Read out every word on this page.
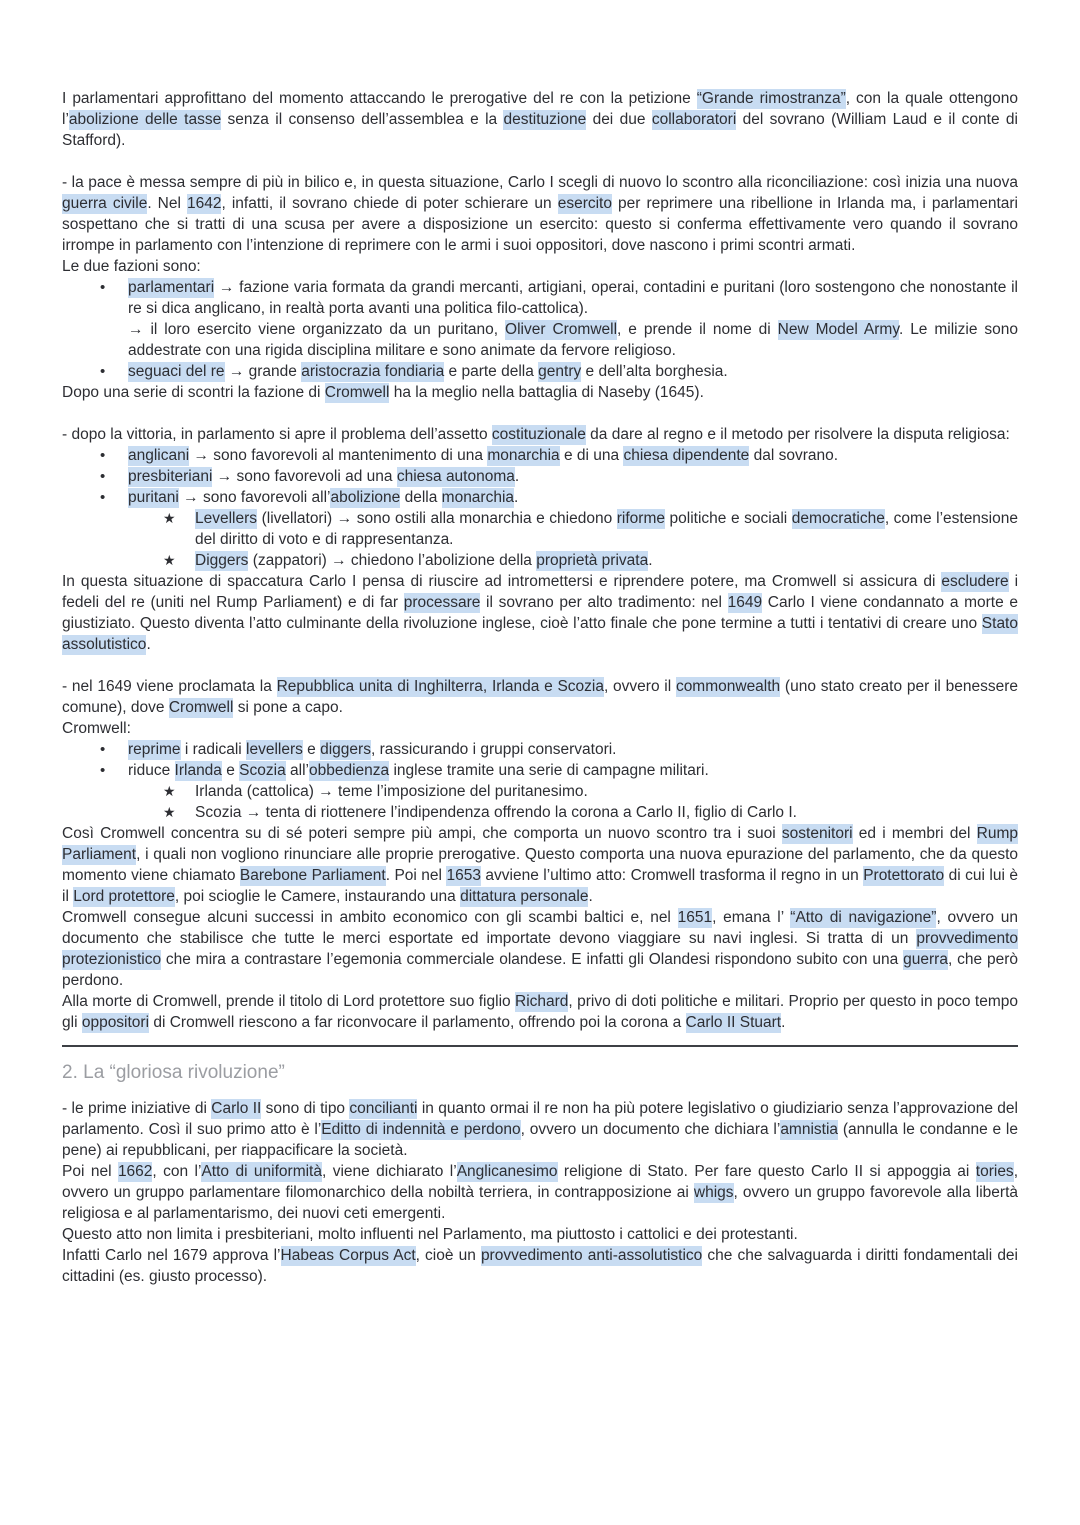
I parlamentari approfittano del momento attaccando le prerogative del re con la petizione “Grande rimostranza”, con la quale ottengono l’abolizione delle tasse senza il consenso dell’assemblea e la destituzione dei due collaboratori del sovrano (William Laud e il conte di Stafford).
- la pace è messa sempre di più in bilico e, in questa situazione, Carlo I scegli di nuovo lo scontro alla riconciliazione: così inizia una nuova guerra civile. Nel 1642, infatti, il sovrano chiede di poter schierare un esercito per reprimere una ribellione in Irlanda ma, i parlamentari sospettano che si tratti di una scusa per avere a disposizione un esercito: questo si conferma effettivamente vero quando il sovrano irrompe in parlamento con l’intenzione di reprimere con le armi i suoi oppositori, dove nascono i primi scontri armati.
Le due fazioni sono:
•	parlamentari → fazione varia formata da grandi mercanti, artigiani, operai, contadini e puritani (loro sostengono che nonostante il re si dica anglicano, in realtà porta avanti una politica filo-cattolica).
→ il loro esercito viene organizzato da un puritano, Oliver Cromwell, e prende il nome di New Model Army. Le milizie sono addestrate con una rigida disciplina militare e sono animate da fervore religioso.
•	seguaci del re → grande aristocrazia fondiaria e parte della gentry e dell’alta borghesia.
Dopo una serie di scontri la fazione di Cromwell ha la meglio nella battaglia di Naseby (1645).
- dopo la vittoria, in parlamento si apre il problema dell’assetto costituzionale da dare al regno e il metodo per risolvere la disputa religiosa:
•	anglicani → sono favorevoli al mantenimento di una monarchia e di una chiesa dipendente dal sovrano.
•	presbiteriani → sono favorevoli ad una chiesa autonoma.
•	puritani → sono favorevoli all’abolizione della monarchia.
★	Levellers (livellatori) → sono ostili alla monarchia e chiedono riforme politiche e sociali democratiche, come l’estensione del diritto di voto e di rappresentanza.
★	Diggers (zappatori) → chiedono l’abolizione della proprietà privata.
In questa situazione di spaccatura Carlo I pensa di riuscire ad intromettersi e riprendere potere, ma Cromwell si assicura di escludere i fedeli del re (uniti nel Rump Parliament) e di far processare il sovrano per alto tradimento: nel 1649 Carlo I viene condannato a morte e giustiziato. Questo diventa l’atto culminante della rivoluzione inglese, cioè l’atto finale che pone termine a tutti i tentativi di creare uno Stato assolutistico.
- nel 1649 viene proclamata la Repubblica unita di Inghilterra, Irlanda e Scozia, ovvero il commonwealth (uno stato creato per il benessere comune), dove Cromwell si pone a capo.
Cromwell:
•	reprime i radicali levellers e diggers, rassicurando i gruppi conservatori.
•	riduce Irlanda e Scozia all’obbedienza inglese tramite una serie di campagne militari.
★	Irlanda (cattolica) → teme l’imposizione del puritanesimo.
★	Scozia → tenta di riottenere l’indipendenza offrendo la corona a Carlo II, figlio di Carlo I.
Così Cromwell concentra su di sé poteri sempre più ampi, che comporta un nuovo scontro tra i suoi sostenitori ed i membri del Rump Parliament, i quali non vogliono rinunciare alle proprie prerogative. Questo comporta una nuova epurazione del parlamento, che da questo momento viene chiamato Barebone Parliament. Poi nel 1653 avviene l’ultimo atto: Cromwell trasforma il regno in un Protettorato di cui lui è il Lord protettore, poi scioglie le Camere, instaurando una dittatura personale.
Cromwell consegue alcuni successi in ambito economico con gli scambi baltici e, nel 1651, emana l’ “Atto di navigazione”, ovvero un documento che stabilisce che tutte le merci esportate ed importate devono viaggiare su navi inglesi. Si tratta di un provvedimento protezionistico che mira a contrastare l’egemonia commerciale olandese. E infatti gli Olandesi rispondono subito con una guerra, che però perdono.
Alla morte di Cromwell, prende il titolo di Lord protettore suo figlio Richard, privo di doti politiche e militari. Proprio per questo in poco tempo gli oppositori di Cromwell riescono a far riconvocare il parlamento, offrendo poi la corona a Carlo II Stuart.
2. La “gloriosa rivoluzione”
- le prime iniziative di Carlo II sono di tipo concilianti in quanto ormai il re non ha più potere legislativo o giudiziario senza l’approvazione del parlamento. Così il suo primo atto è l’Editto di indennità e perdono, ovvero un documento che dichiara l’amnistia (annulla le condanne e le pene) ai repubblicani, per riappacificare la società.
Poi nel 1662, con l’Atto di uniformità, viene dichiarato l’Anglicanesimo religione di Stato. Per fare questo Carlo II si appoggia ai tories, ovvero un gruppo parlamentare filomonarchico della nobiltà terriera, in contrapposizione ai whigs, ovvero un gruppo favorevole alla libertà religiosa e al parlamentarismo, dei nuovi ceti emergenti.
Questo atto non limita i presbiteriani, molto influenti nel Parlamento, ma piuttosto i cattolici e dei protestanti.
Infatti Carlo nel 1679 approva l’Habeas Corpus Act, cioè un provvedimento anti-assolutistico che che salvaguarda i diritti fondamentali dei cittadini (es. giusto processo).
